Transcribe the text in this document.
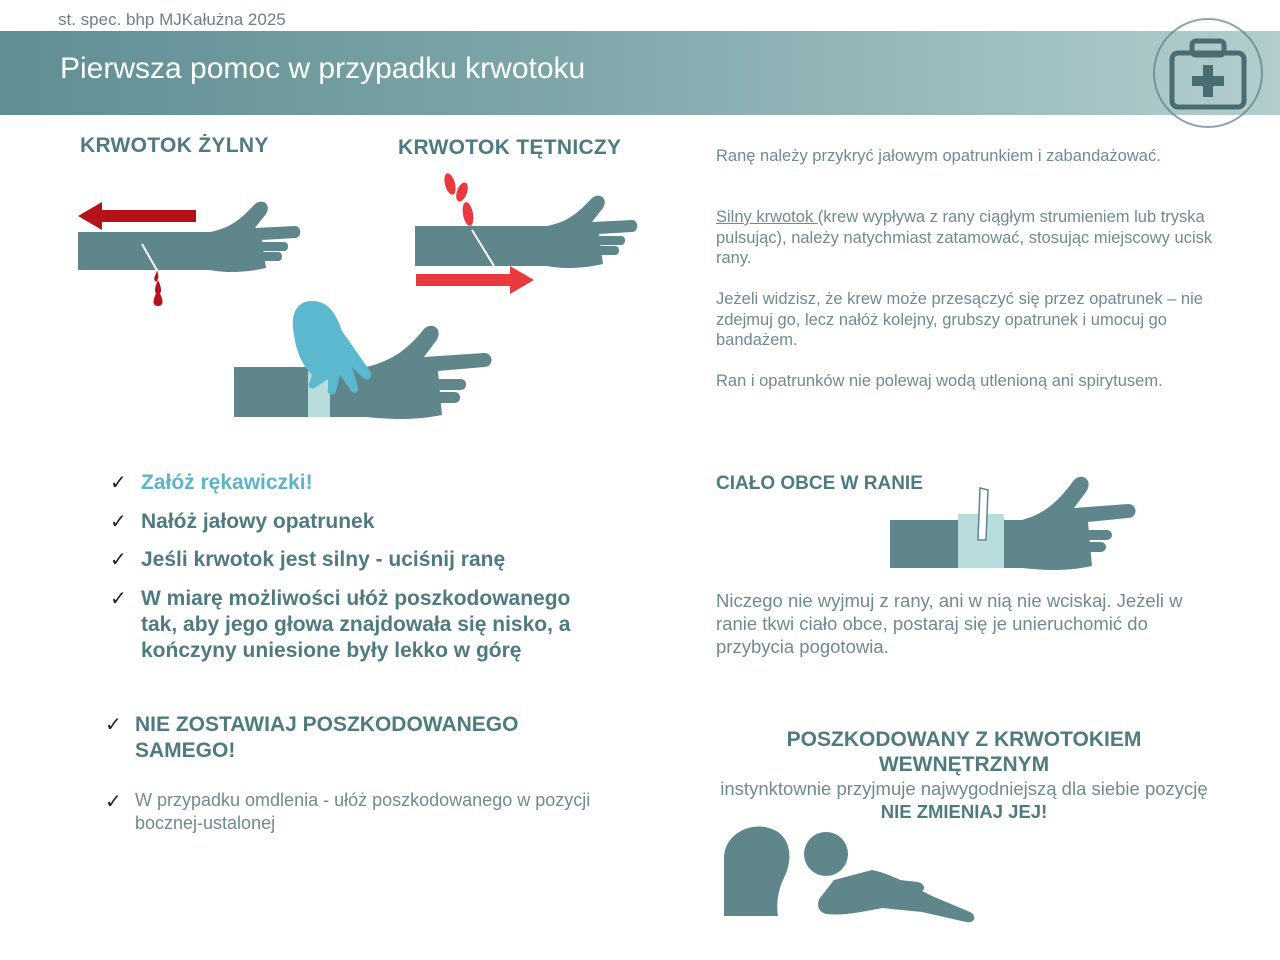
st. spec. bhp MJKałużna 2025
Pierwsza pomoc w przypadku krwotoku
KRWOTOK ŻYLNY	KRWOTOK TĘTNICZY	Ranę należy przykryć jałowym opatrunkiem i zabandażować.
Silny krwotok (krew wypływa z rany ciągłym strumieniem lub tryska pulsując), należy natychmiast zatamować, stosując miejscowy ucisk rany.
Jeżeli widzisz, że krew może przesączyć się przez opatrunek – nie zdejmuj go, lecz nałóż kolejny, grubszy opatrunek i umocuj go bandażem.
Ran i opatrunków nie polewaj wodą utlenioną ani spirytusem.
✓ Załóż rękawiczki!
✓ Nałóż jałowy opatrunek
✓ Jeśli krwotok jest silny - uciśnij ranę
✓ W miarę możliwości ułóż poszkodowanego tak, aby jego głowa znajdowała się nisko, a kończyny uniesione były lekko w górę
✓ NIE ZOSTAWIAJ POSZKODOWANEGO SAMEGO!
✓ W przypadku omdlenia - ułóż poszkodowanego w pozycji bocznej-ustalonej
CIAŁO OBCE W RANIE
Niczego nie wyjmuj z rany, ani w nią nie wciskaj. Jeżeli w ranie tkwi ciało obce, postaraj się je unieruchomić do przybycia pogotowia.
POSZKODOWANY Z KRWOTOKIEM WEWNĘTRZNYM
instynktownie przyjmuje najwygodniejszą dla siebie pozycję
NIE ZMIENIAJ JEJ!
